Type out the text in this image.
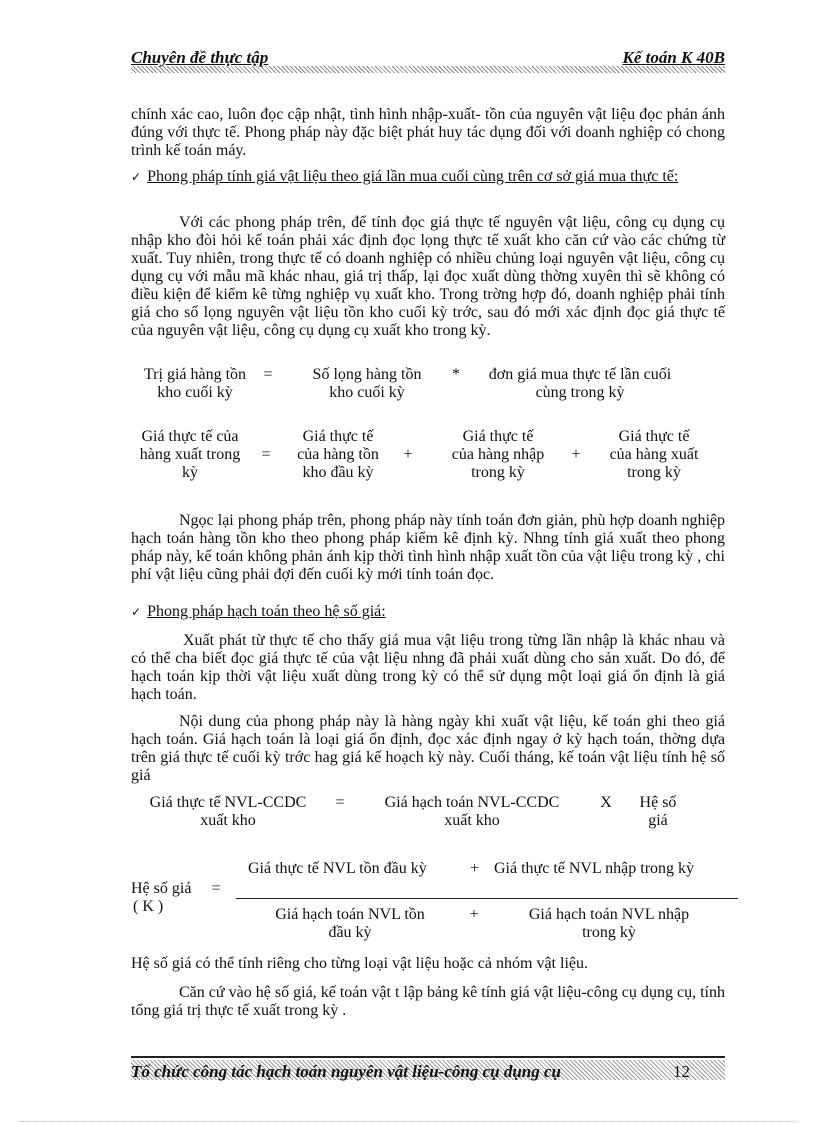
Chuyên đề thực tập	Kế toán K 40B
chính xác cao, luôn đọc cập nhật, tình hình nhập-xuất- tồn của nguyên vật liệu đọc phản ánh đúng với thực tế. Phong pháp này đặc biệt phát huy tác dụng đối với doanh nghiệp có chong trình kế toán máy.
✓ Phong pháp tính giá vật liệu theo giá lần mua cuối cùng trên cơ sở giá mua thực tế:
Với các phong pháp trên, để tính đọc giá thực tế nguyên vật liệu, công cụ dụng cụ nhập kho đòi hỏi kế toán phải xác định đọc lọng thực tế xuất kho căn cứ vào các chứng từ xuất. Tuy nhiên, trong thực tế có doanh nghiệp có nhiều chủng loại nguyên vật liệu, công cụ dụng cụ với mẫu mã khác nhau, giá trị thấp, lại đọc xuất dùng thờng xuyên thì sẽ không có điều kiện để kiểm kê từng nghiệp vụ xuất kho. Trong trờng hợp đó, doanh nghiệp phải tính giá cho số lọng nguyên vật liệu tồn kho cuối kỳ trớc, sau đó mới xác định đọc giá thực tế của nguyên vật liệu, công cụ dụng cụ xuất kho trong kỳ.
Trị giá hàng tồn
kho cuối kỳ
=	Số lọng hàng tồn
kho cuối kỳ
*	đơn giá mua thực tế lần cuối
cùng trong kỳ
Giá thực tế của
hàng xuất trong
kỳ
=
Giá thực tế
của hàng tồn
kho đầu kỳ
+
Giá thực tế
của hàng nhập
trong kỳ
+
Giá thực tế
của hàng xuất
trong kỳ
Ngọc lại phong pháp trên, phong pháp này tính toán đơn giản, phù hợp doanh nghiệp hạch toán hàng tồn kho theo phong pháp kiểm kê định kỳ. Nhng tính giá xuất theo phong pháp này, kế toán không phản ánh kịp thời tình hình nhập xuất tồn của vật liệu trong kỳ , chi phí vật liệu cũng phải đợi đến cuối kỳ mới tính toán đọc.
✓ Phong pháp hạch toán theo hệ số giá:
Xuất phát từ thực tế cho thấy giá mua vật liệu trong từng lần nhập là khác nhau và có thể cha biết đọc giá thực tế của vật liệu nhng đã phải xuất dùng cho sản xuất. Do đó, để hạch toán kịp thời vật liệu xuất dùng trong kỳ có thể sử dụng một loại giá ổn định là giá hạch toán.
Nội dung của phong pháp này là hàng ngày khi xuất vật liệu, kế toán ghi theo giá hạch toán. Giá hạch toán là loại giá ổn định, đọc xác định ngay ở kỳ hạch toán, thờng dựa trên giá thực tế cuối kỳ trớc hag giá kế hoạch kỳ này. Cuối tháng, kế toán vật liệu tính hệ số giá
Giá thực tế NVL-CCDC
xuất kho
=	Giá hạch toán NVL-CCDC
xuất kho
X	Hệ số
giá
Hệ số giá
( K )
=
Giá thực tế NVL tồn đầu kỳ	+ Giá thực tế NVL nhập trong kỳ
Giá hạch toán NVL tồn
đầu kỳ
+	Giá hạch toán NVL nhập
trong kỳ
Hệ số giá có thể tính riêng cho từng loại vật liệu hoặc cả nhóm vật liệu.
Căn cứ vào hệ số giá, kế toán vật t lập bảng kê tính giá vật liệu-công cụ dụng cụ, tính tổng giá trị thực tế xuất trong kỳ .
Tổ chức công tác hạch toán nguyên vật liệu-công cụ dụng cụ	12
